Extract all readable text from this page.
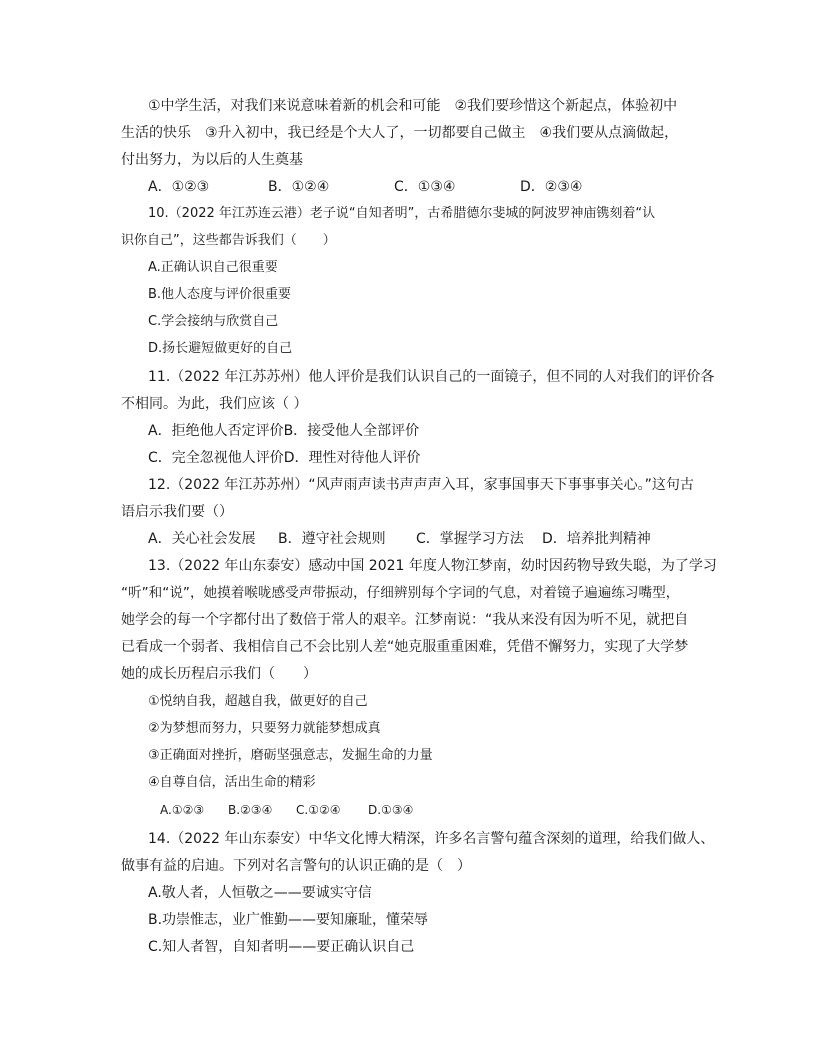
①中学生活，对我们来说意味着新的机会和可能　②我们要珍惜这个新起点，体验初中
生活的快乐　③升入初中，我已经是个大人了，一切都要自己做主　④我们要从点滴做起，
付出努力，为以后的人生奠基
A．①②③	B．①②④	C．①③④	D．②③④
10.（2022 年江苏连云港）老子说“自知者明”，古希腊德尔斐城的阿波罗神庙镌刻着“认
识你自己”，这些都告诉我们（　　）
A.正确认识自己很重要
B.他人态度与评价很重要
C.学会接纳与欣赏自己
D.扬长避短做更好的自己
11.（2022 年江苏苏州）他人评价是我们认识自己的一面镜子，但不同的人对我们的评价各
不相同。为此，我们应该（ ）
A．拒绝他人否定评价B．接受他人全部评价
C．完全忽视他人评价D．理性对待他人评价
12.（2022 年江苏苏州）“风声雨声读书声声声入耳，家事国事天下事事事关心。”这句古
语启示我们要（）
A．关心社会发展 B．遵守社会规则 C．掌握学习方法 D．培养批判精神
13.（2022 年山东泰安）感动中国 2021 年度人物江梦南，幼时因药物导致失聪，为了学习
“听”和“说”，她摸着喉咙感受声带振动，仔细辨别每个字词的气息，对着镜子遍遍练习嘴型，
她学会的每一个字都付出了数倍于常人的艰辛。江梦南说：“我从来没有因为听不见，就把自
已看成一个弱者、我相信自己不会比别人差“她克服重重困难，凭借不懈努力，实现了大学梦
她的成长历程启示我们（　　）
①悦纳自我，超越自我，做更好的自己
②为梦想而努力，只要努力就能梦想成真
③正确面对挫折，磨砺坚强意志，发掘生命的力量
④自尊自信，活出生命的精彩
A.①②③ B.②③④ C.①②④ D.①③④
14.（2022 年山东泰安）中华文化博大精深，许多名言警句蕴含深刻的道理，给我们做人、
做事有益的启迪。下列对名言警句的认识正确的是（　）
A.敬人者，人恒敬之——要诚实守信
B.功崇惟志，业广惟勤——要知廉耻，懂荣辱
C.知人者智，自知者明——要正确认识自己
